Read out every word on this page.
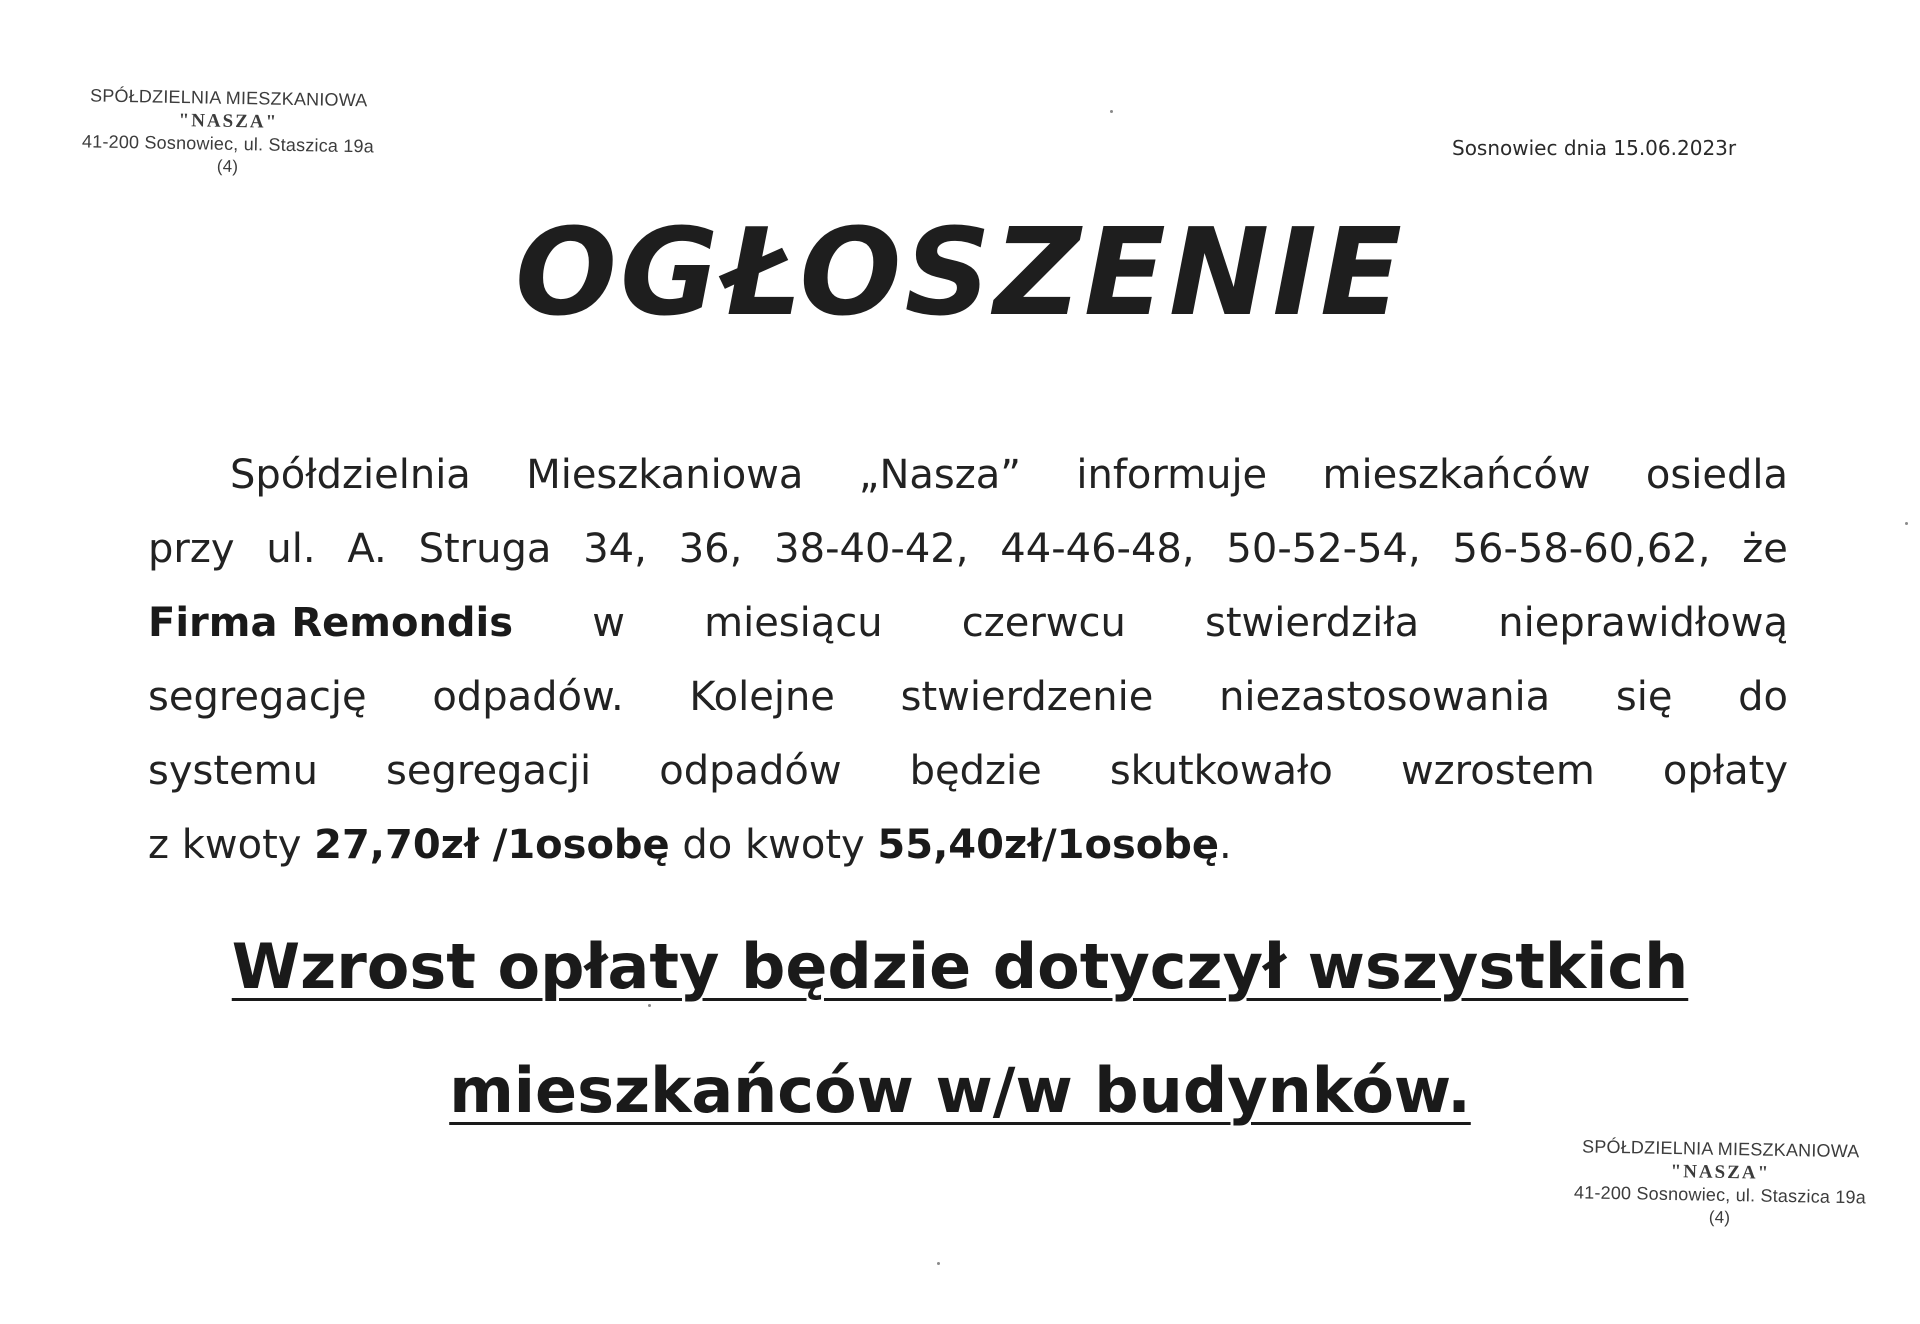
SPÓŁDZIELNIA MIESZKANIOWA
"NASZA"
41-200 Sosnowiec, ul. Staszica 19a
(4)
Sosnowiec dnia 15.06.2023r
OGŁOSZENIE
Spółdzielnia Mieszkaniowa „Nasza” informuje mieszkańców osiedla
przy ul. A. Struga 34, 36, 38-40-42, 44-46-48, 50-52-54, 56-58-60,62, że
Firma Remondis w miesiącu czerwcu stwierdziła nieprawidłową
segregację odpadów. Kolejne stwierdzenie niezastosowania się do
systemu segregacji odpadów będzie skutkowało wzrostem opłaty
z kwoty 27,70zł /1osobę do kwoty 55,40zł/1osobę.
Wzrost opłaty będzie dotyczył wszystkich
mieszkańców w/w budynków.
SPÓŁDZIELNIA MIESZKANIOWA
"NASZA"
41-200 Sosnowiec, ul. Staszica 19a
(4)
